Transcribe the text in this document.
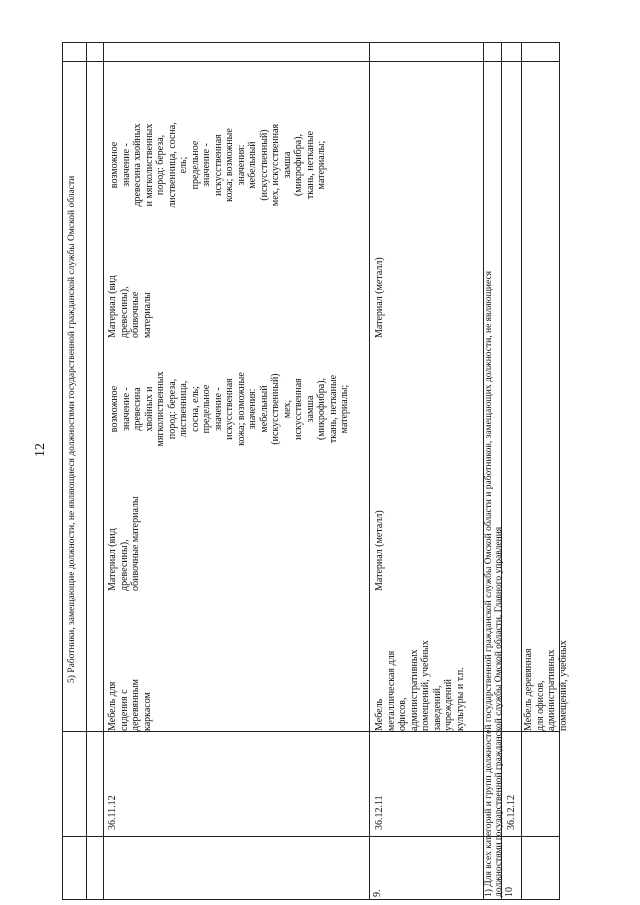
12 5) Работники, замещающие должности, не являющиеся должностями государственной гражданской службы Омской области
36.11.12
Мебель для
сидения с
деревянным
каркасом
Материал (вид
древесины),
обивочные материалы
возможное
значение -
древесина
хвойных и
мягколиственных
пород: береза,
лиственница,
сосна, ель;
предельное
значение -
искусственная
кожа; возможные
значения:
мебельный
(искусственный)
мех,
искусственная
замша
(микрофибра),
ткань, нетканые
материалы;
Материал (вид
древесины),
обивочные
материалы
возможное
значение -
древесина хвойных
и мягколиственных
пород: береза,
лиственница, сосна,
ель;
предельное
значение -
искусственная
кожа; возможные
значения:
мебельный
(искусственный)
мех, искусственная
замша
(микрофибра),
ткань, нетканые
материалы;
9.
36.12.11
Мебель
металлическая для
офисов,
административных
помещений, учебных
заведений,
учреждений
культуры и т.п.
Материал (металл)
Материал (металл)
1) Для всех категорий и групп должностей государственной гражданской службы Омской области и работников, замещающих должности, не являющиеся
должностями государственной гражданской службы Омской области, Главного управления
10
36.12.12
Мебель деревянная
для офисов,
административных
помещений, учебных
